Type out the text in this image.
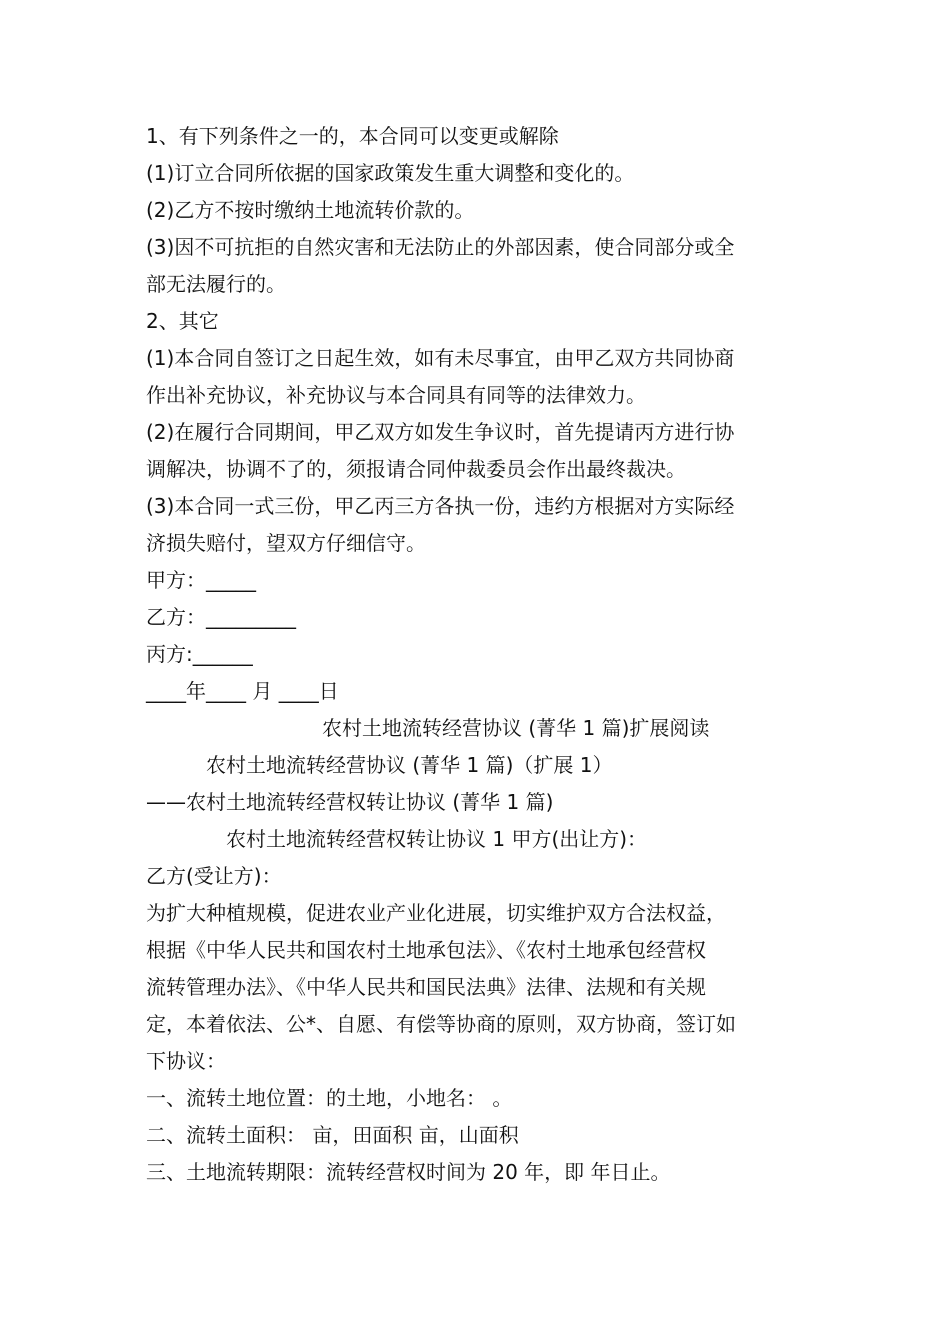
1、有下列条件之一的，本合同可以变更或解除

(1)订立合同所依据的国家政策发生重大调整和变化的。

(2)乙方不按时缴纳土地流转价款的。

(3)因不可抗拒的自然灾害和无法防止的外部因素，使合同部分或全

部无法履行的。

2、其它

(1)本合同自签订之日起生效，如有未尽事宜，由甲乙双方共同协商

作出补充协议，补充协议与本合同具有同等的法律效力。

(2)在履行合同期间，甲乙双方如发生争议时，首先提请丙方进行协

调解决，协调不了的，须报请合同仲裁委员会作出最终裁决。

(3)本合同一式三份，甲乙丙三方各执一份，违约方根据对方实际经

济损失赔付，望双方仔细信守。

甲方：_____

乙方：_________

丙方:______

____年____ 月 ____日

农村土地流转经营协议 (菁华 1 篇)扩展阅读

农村土地流转经营协议 (菁华 1 篇)（扩展 1）

——农村土地流转经营权转让协议 (菁华 1 篇)

农村土地流转经营权转让协议 1 甲方(出让方)：

乙方(受让方)：

为扩大种植规模，促进农业产业化进展，切实维护双方合法权益，

根据《中华人民共和国农村土地承包法》、《农村土地承包经营权

流转管理办法》、《中华人民共和国民法典》法律、法规和有关规

定，本着依法、公*、自愿、有偿等协商的原则，双方协商，签订如

下协议：

一、流转土地位置：的土地，小地名： 。

二、流转土面积： 亩，田面积 亩，山面积

三、土地流转期限：流转经营权时间为 20 年，即 年日止。
